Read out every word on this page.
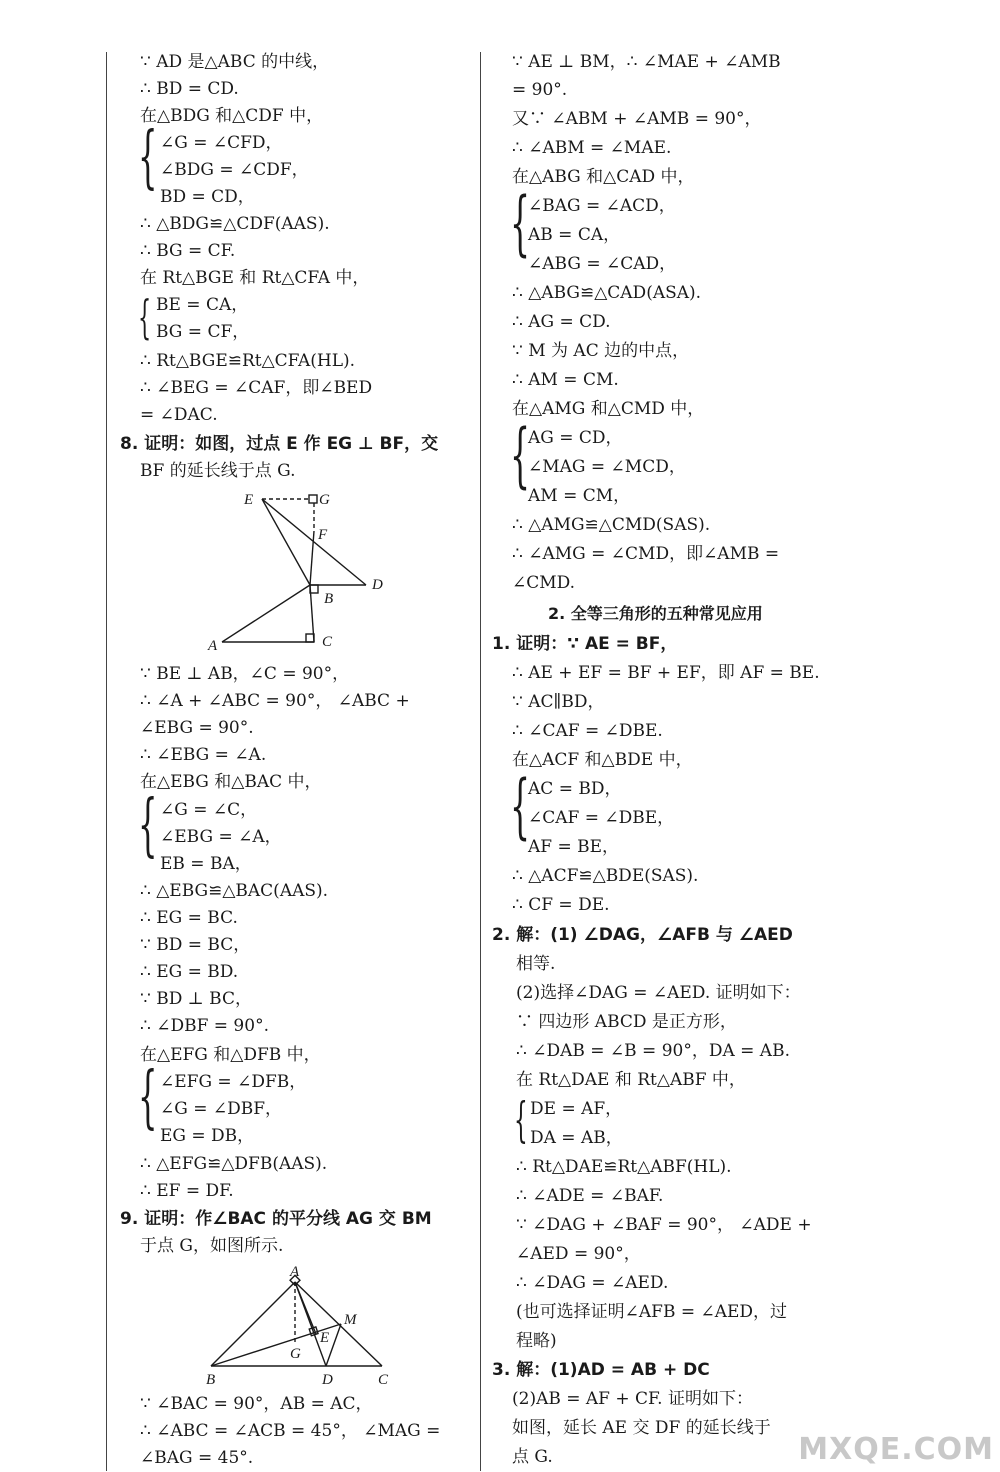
∵ AD 是△ABC 的中线，
∴ BD = CD.
在△BDG 和△CDF 中，
{ ∠G = ∠CFD，
∠BDG = ∠CDF，
BD = CD，
∴ △BDG≌△CDF(AAS).
∴ BG = CF.
在 Rt△BGE 和 Rt△CFA 中，
{ BE = CA，
BG = CF，
∴ Rt△BGE≌Rt△CFA(HL).
∴ ∠BEG = ∠CAF，即∠BED
= ∠DAC.
8. 证明：如图，过点 E 作 EG ⊥ BF，交
BF 的延长线于点 G.
E	G
F
D
B
A	C
∵ BE ⊥ AB，∠C = 90°，
∴ ∠A + ∠ABC = 90°， ∠ABC +
∠EBG = 90°.
∴ ∠EBG = ∠A.
在△EBG 和△BAC 中，
{ ∠G = ∠C，
∠EBG = ∠A，
EB = BA，
∴ △EBG≌△BAC(AAS).
∴ EG = BC.
∵ BD = BC，
∴ EG = BD.
∵ BD ⊥ BC，
∴ ∠DBF = 90°.
在△EFG 和△DFB 中，
{ ∠EFG = ∠DFB，
∠G = ∠DBF，
EG = DB，
∴ △EFG≌△DFB(AAS).
∴ EF = DF.
9. 证明：作∠BAC 的平分线 AG 交 BM
于点 G，如图所示.
A
M
E
G
B	D	C
∵ ∠BAC = 90°，AB = AC，
∴ ∠ABC = ∠ACB = 45°， ∠MAG =
∠BAG = 45°.
∵ AE ⊥ BM，∴ ∠MAE + ∠AMB
= 90°.
又∵ ∠ABM + ∠AMB = 90°，
∴ ∠ABM = ∠MAE.
在△ABG 和△CAD 中，
{
∠BAG = ∠ACD，
AB = CA，
∠ABG = ∠CAD，
∴ △ABG≌△CAD(ASA).
∴ AG = CD.
∵ M 为 AC 边的中点，
∴ AM = CM.
在△AMG 和△CMD 中，
{
AG = CD，
∠MAG = ∠MCD，
AM = CM，
∴ △AMG≌△CMD(SAS).
∴ ∠AMG = ∠CMD，即∠AMB =
∠CMD.
2. 全等三角形的五种常见应用
1. 证明：∵ AE = BF，
∴ AE + EF = BF + EF，即 AF = BE.
∵ AC∥BD，
∴ ∠CAF = ∠DBE.
在△ACF 和△BDE 中，
{
AC = BD，
∠CAF = ∠DBE，
AF = BE，
∴ △ACF≌△BDE(SAS).
∴ CF = DE.
2. 解：(1) ∠DAG，∠AFB 与 ∠AED
相等.
(2)选择∠DAG = ∠AED. 证明如下：
∵ 四边形 ABCD 是正方形，
∴ ∠DAB = ∠B = 90°，DA = AB.
在 Rt△DAE 和 Rt△ABF 中，
{ DE = AF，
DA = AB，
∴ Rt△DAE≌Rt△ABF(HL).
∴ ∠ADE = ∠BAF.
∵ ∠DAG + ∠BAF = 90°， ∠ADE +
∠AED = 90°，
∴ ∠DAG = ∠AED.
(也可选择证明∠AFB = ∠AED，过
程略)
3. 解：(1)AD = AB + DC
(2)AB = AF + CF. 证明如下：
如图，延长 AE 交 DF 的延长线于
点 G.	MXQE.COM
